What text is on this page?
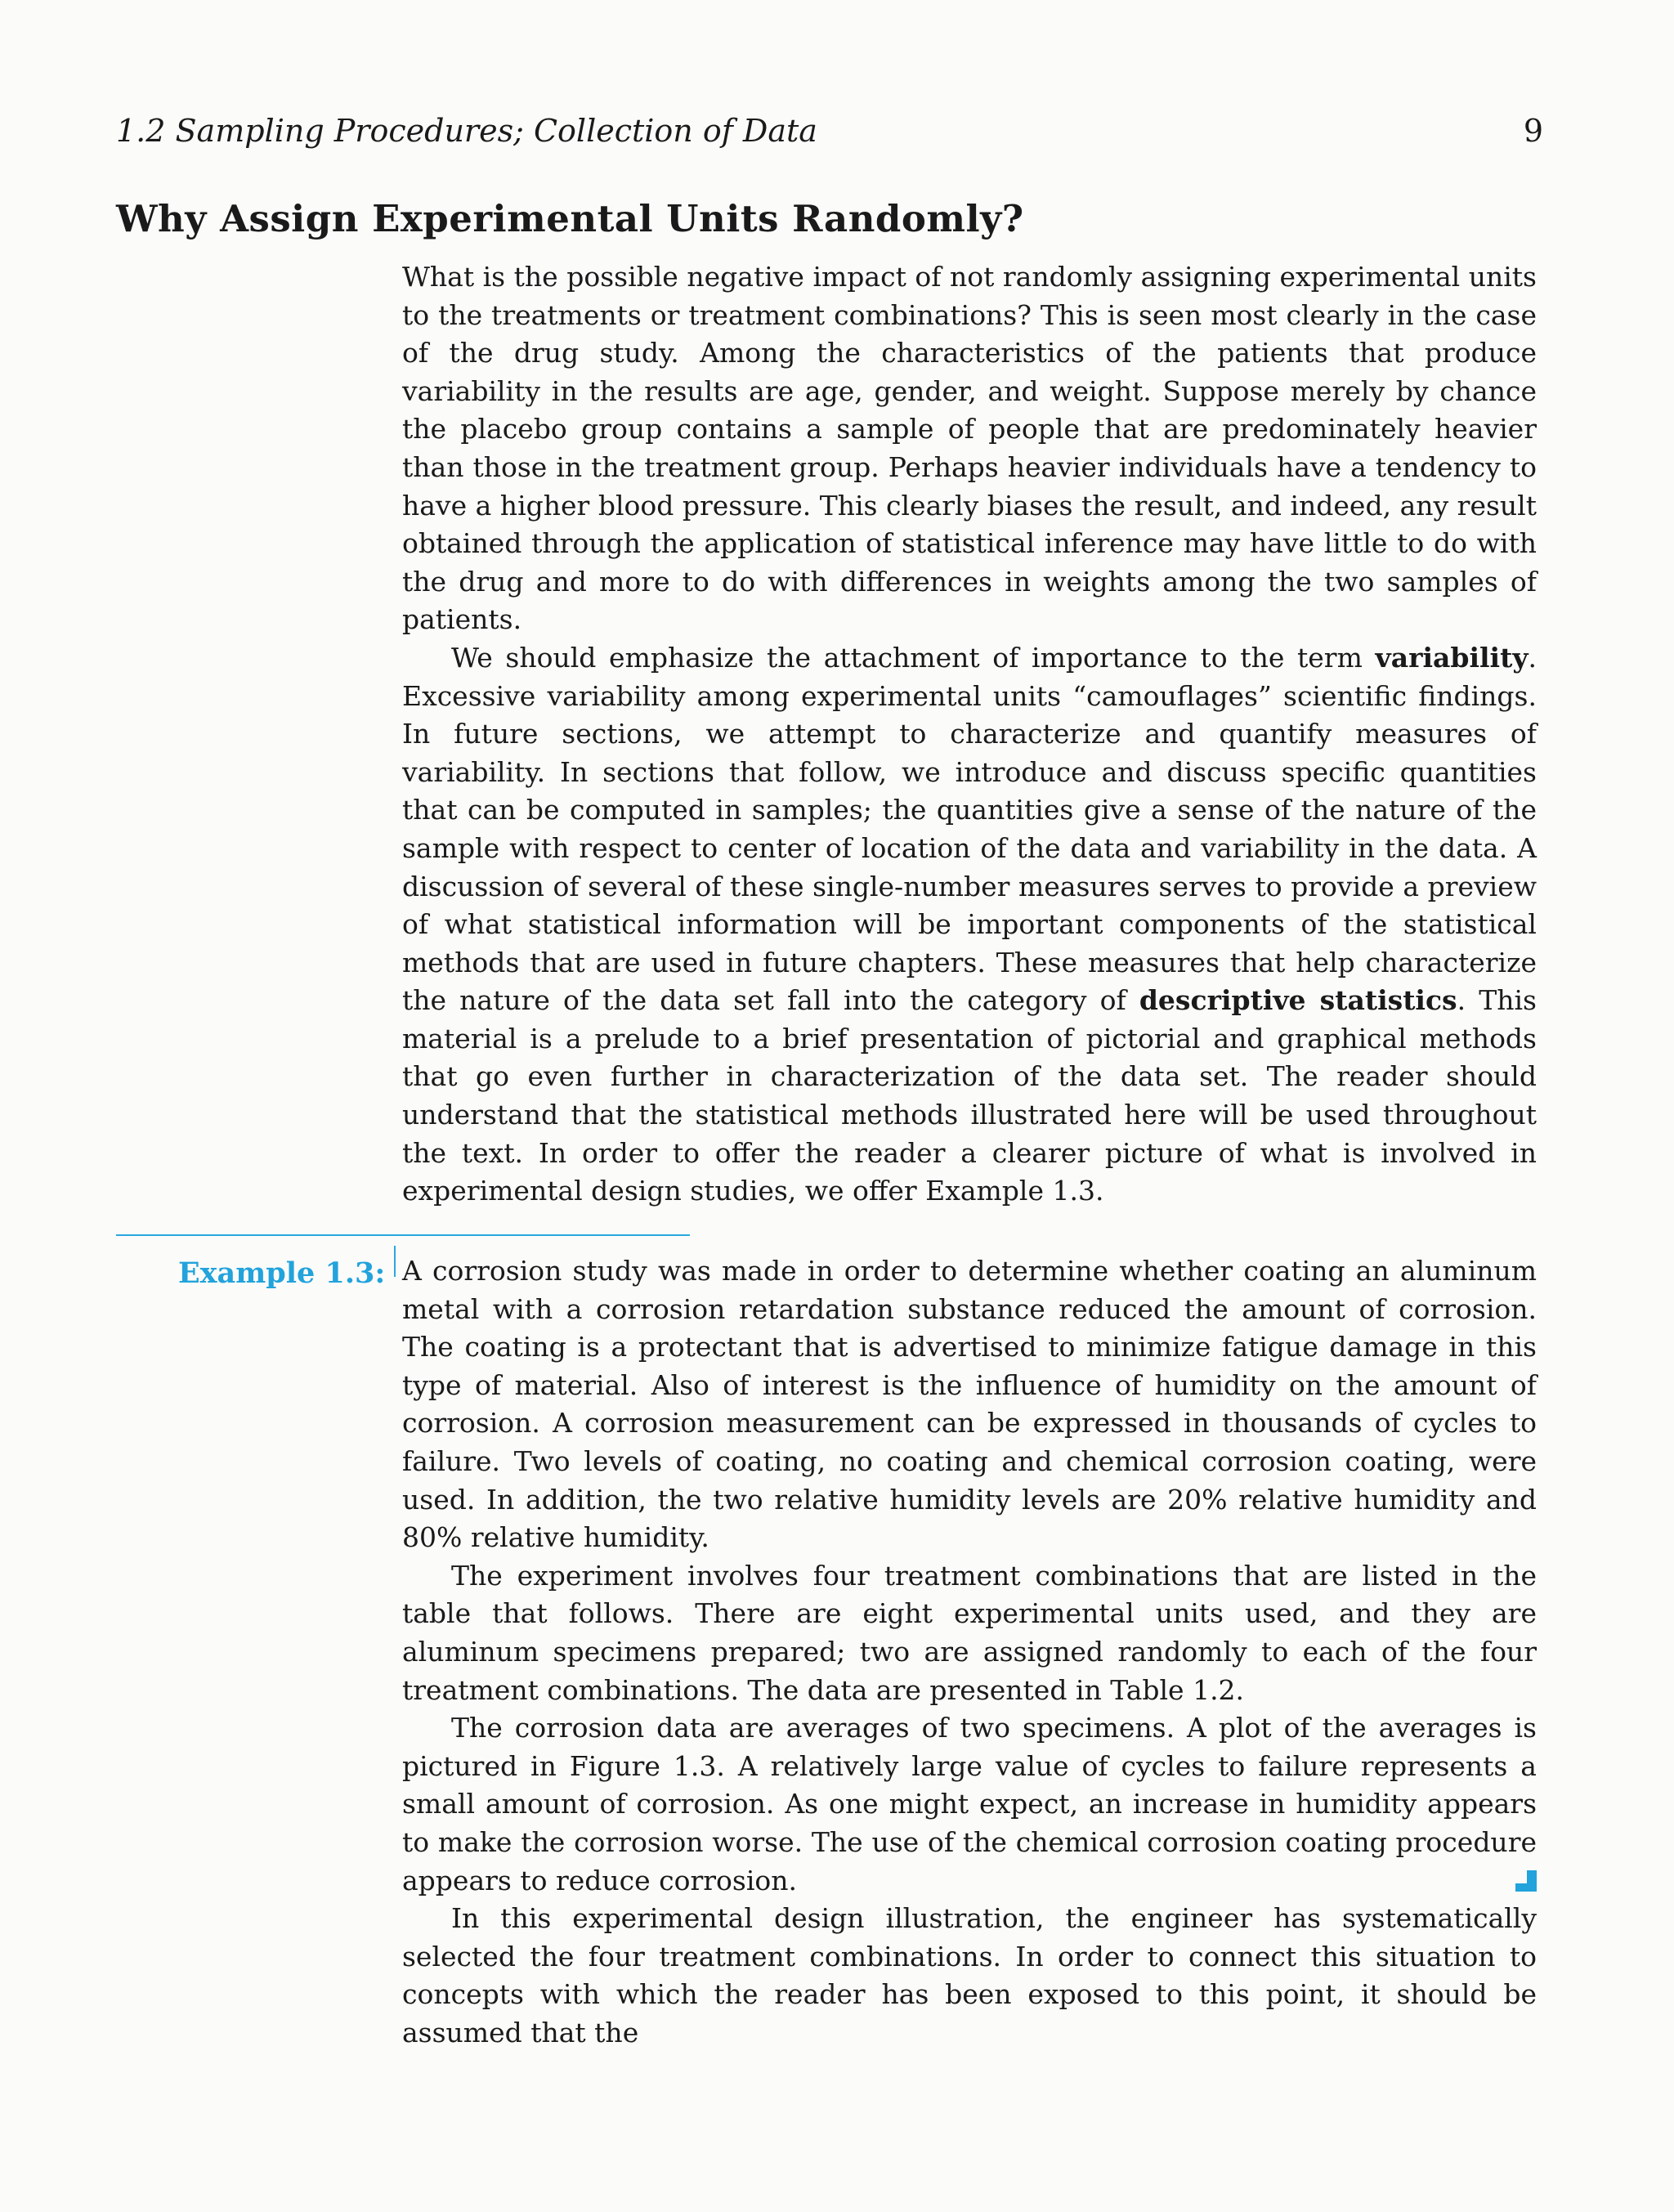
1.2 Sampling Procedures; Collection of Data	9
Why Assign Experimental Units Randomly?

What is the possible negative impact of not randomly assigning experimental units to the treatments or treatment combinations? This is seen most clearly in the case of the drug study. Among the characteristics of the patients that produce variability in the results are age, gender, and weight. Suppose merely by chance the placebo group contains a sample of people that are predominately heavier than those in the treatment group. Perhaps heavier individuals have a tendency to have a higher blood pressure. This clearly biases the result, and indeed, any result obtained through the application of statistical inference may have little to do with the drug and more to do with differences in weights among the two samples of patients.

We should emphasize the attachment of importance to the term variability. Excessive variability among experimental units “camouflages” scientific findings. In future sections, we attempt to characterize and quantify measures of variability. In sections that follow, we introduce and discuss specific quantities that can be computed in samples; the quantities give a sense of the nature of the sample with respect to center of location of the data and variability in the data. A discussion of several of these single-number measures serves to provide a preview of what statistical information will be important components of the statistical methods that are used in future chapters. These measures that help characterize the nature of the data set fall into the category of descriptive statistics. This material is a prelude to a brief presentation of pictorial and graphical methods that go even further in characterization of the data set. The reader should understand that the statistical methods illustrated here will be used throughout the text. In order to offer the reader a clearer picture of what is involved in experimental design studies, we offer Example 1.3.

Example 1.3: A corrosion study was made in order to determine whether coating an aluminum metal with a corrosion retardation substance reduced the amount of corrosion. The coating is a protectant that is advertised to minimize fatigue damage in this type of material. Also of interest is the influence of humidity on the amount of corrosion. A corrosion measurement can be expressed in thousands of cycles to failure. Two levels of coating, no coating and chemical corrosion coating, were used. In addition, the two relative humidity levels are 20% relative humidity and 80% relative humidity.

The experiment involves four treatment combinations that are listed in the table that follows. There are eight experimental units used, and they are aluminum specimens prepared; two are assigned randomly to each of the four treatment combinations. The data are presented in Table 1.2.

The corrosion data are averages of two specimens. A plot of the averages is pictured in Figure 1.3. A relatively large value of cycles to failure represents a small amount of corrosion. As one might expect, an increase in humidity appears to make the corrosion worse. The use of the chemical corrosion coating procedure appears to reduce corrosion.

In this experimental design illustration, the engineer has systematically selected the four treatment combinations. In order to connect this situation to concepts with which the reader has been exposed to this point, it should be assumed that the
